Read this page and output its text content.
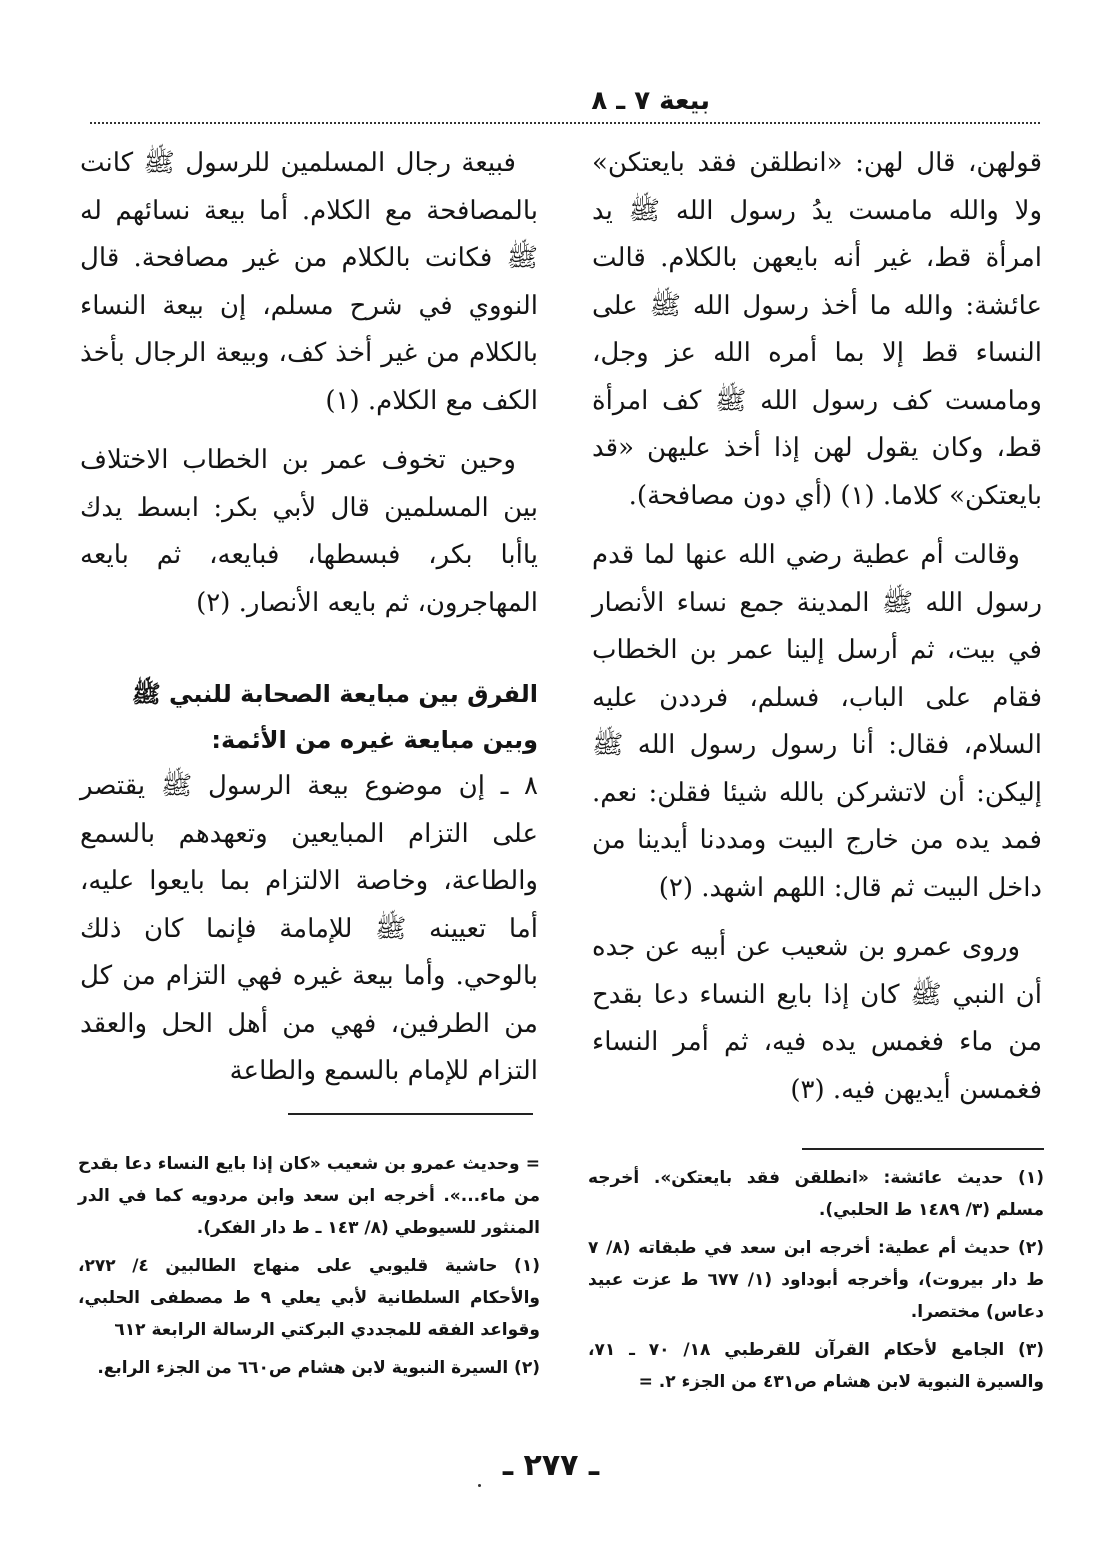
بيعة ٧ ـ ٨

قولهن، قال لهن: «انطلقن فقد بايعتكن» ولا والله مامست يدُ رسول الله ﷺ يد امرأة قط، غير أنه بايعهن بالكلام. قالت عائشة: والله ما أخذ رسول الله ﷺ على النساء قط إلا بما أمره الله عز وجل، ومامست كف رسول الله ﷺ كف امرأة قط، وكان يقول لهن إذا أخذ عليهن «قد بايعتكن» كلاما. (١) (أي دون مصافحة).

وقالت أم عطية رضي الله عنها لما قدم رسول الله ﷺ المدينة جمع نساء الأنصار في بيت، ثم أرسل إلينا عمر بن الخطاب فقام على الباب، فسلم، فرددن عليه السلام، فقال: أنا رسول رسول الله ﷺ إليكن: أن لاتشركن بالله شيئا فقلن: نعم. فمد يده من خارج البيت ومددنا أيدينا من داخل البيت ثم قال: اللهم اشهد. (٢)

وروى عمرو بن شعيب عن أبيه عن جده أن النبي ﷺ كان إذا بايع النساء دعا بقدح من ماء فغمس يده فيه، ثم أمر النساء فغمسن أيديهن فيه. (٣)

فبيعة رجال المسلمين للرسول ﷺ كانت بالمصافحة مع الكلام. أما بيعة نسائهم له ﷺ فكانت بالكلام من غير مصافحة. قال النووي في شرح مسلم، إن بيعة النساء بالكلام من غير أخذ كف، وبيعة الرجال بأخذ الكف مع الكلام. (١)

وحين تخوف عمر بن الخطاب الاختلاف بين المسلمين قال لأبي بكر: ابسط يدك ياأبا بكر، فبسطها، فبايعه، ثم بايعه المهاجرون، ثم بايعه الأنصار. (٢)

الفرق بين مبايعة الصحابة للنبي ﷺ وبين مبايعة غيره من الأئمة:

٨ ـ إن موضوع بيعة الرسول ﷺ يقتصر على التزام المبايعين وتعهدهم بالسمع والطاعة، وخاصة الالتزام بما بايعوا عليه، أما تعيينه ﷺ للإمامة فإنما كان ذلك بالوحي. وأما بيعة غيره فهي التزام من كل من الطرفين، فهي من أهل الحل والعقد التزام للإمام بالسمع والطاعة

(١) حديث عائشة: «انطلقن فقد بايعتكن». أخرجه مسلم (٣/ ١٤٨٩ ط الحلبي).

(٢) حديث أم عطية: أخرجه ابن سعد في طبقاته (٨/ ٧ ط دار بيروت)، وأخرجه أبوداود (١/ ٦٧٧ ط عزت عبيد دعاس) مختصرا.

(٣) الجامع لأحكام القرآن للقرطبي ١٨/ ٧٠ ـ ٧١، والسيرة النبوية لابن هشام ص٤٣١ من الجزء ٢. =

= وحديث عمرو بن شعيب «كان إذا بايع النساء دعا بقدح من ماء...». أخرجه ابن سعد وابن مردويه كما في الدر المنثور للسيوطي (٨/ ١٤٣ ـ ط دار الفكر).

(١) حاشية قليوبي على منهاج الطالبين ٤/ ٢٧٢، والأحكام السلطانية لأبي يعلي ٩ ط مصطفى الحلبي، وقواعد الفقه للمجددي البركتي الرسالة الرابعة ٦١٢

(٢) السيرة النبوية لابن هشام ص٦٦٠ من الجزء الرابع.

ـ ٢٧٧ ـ
